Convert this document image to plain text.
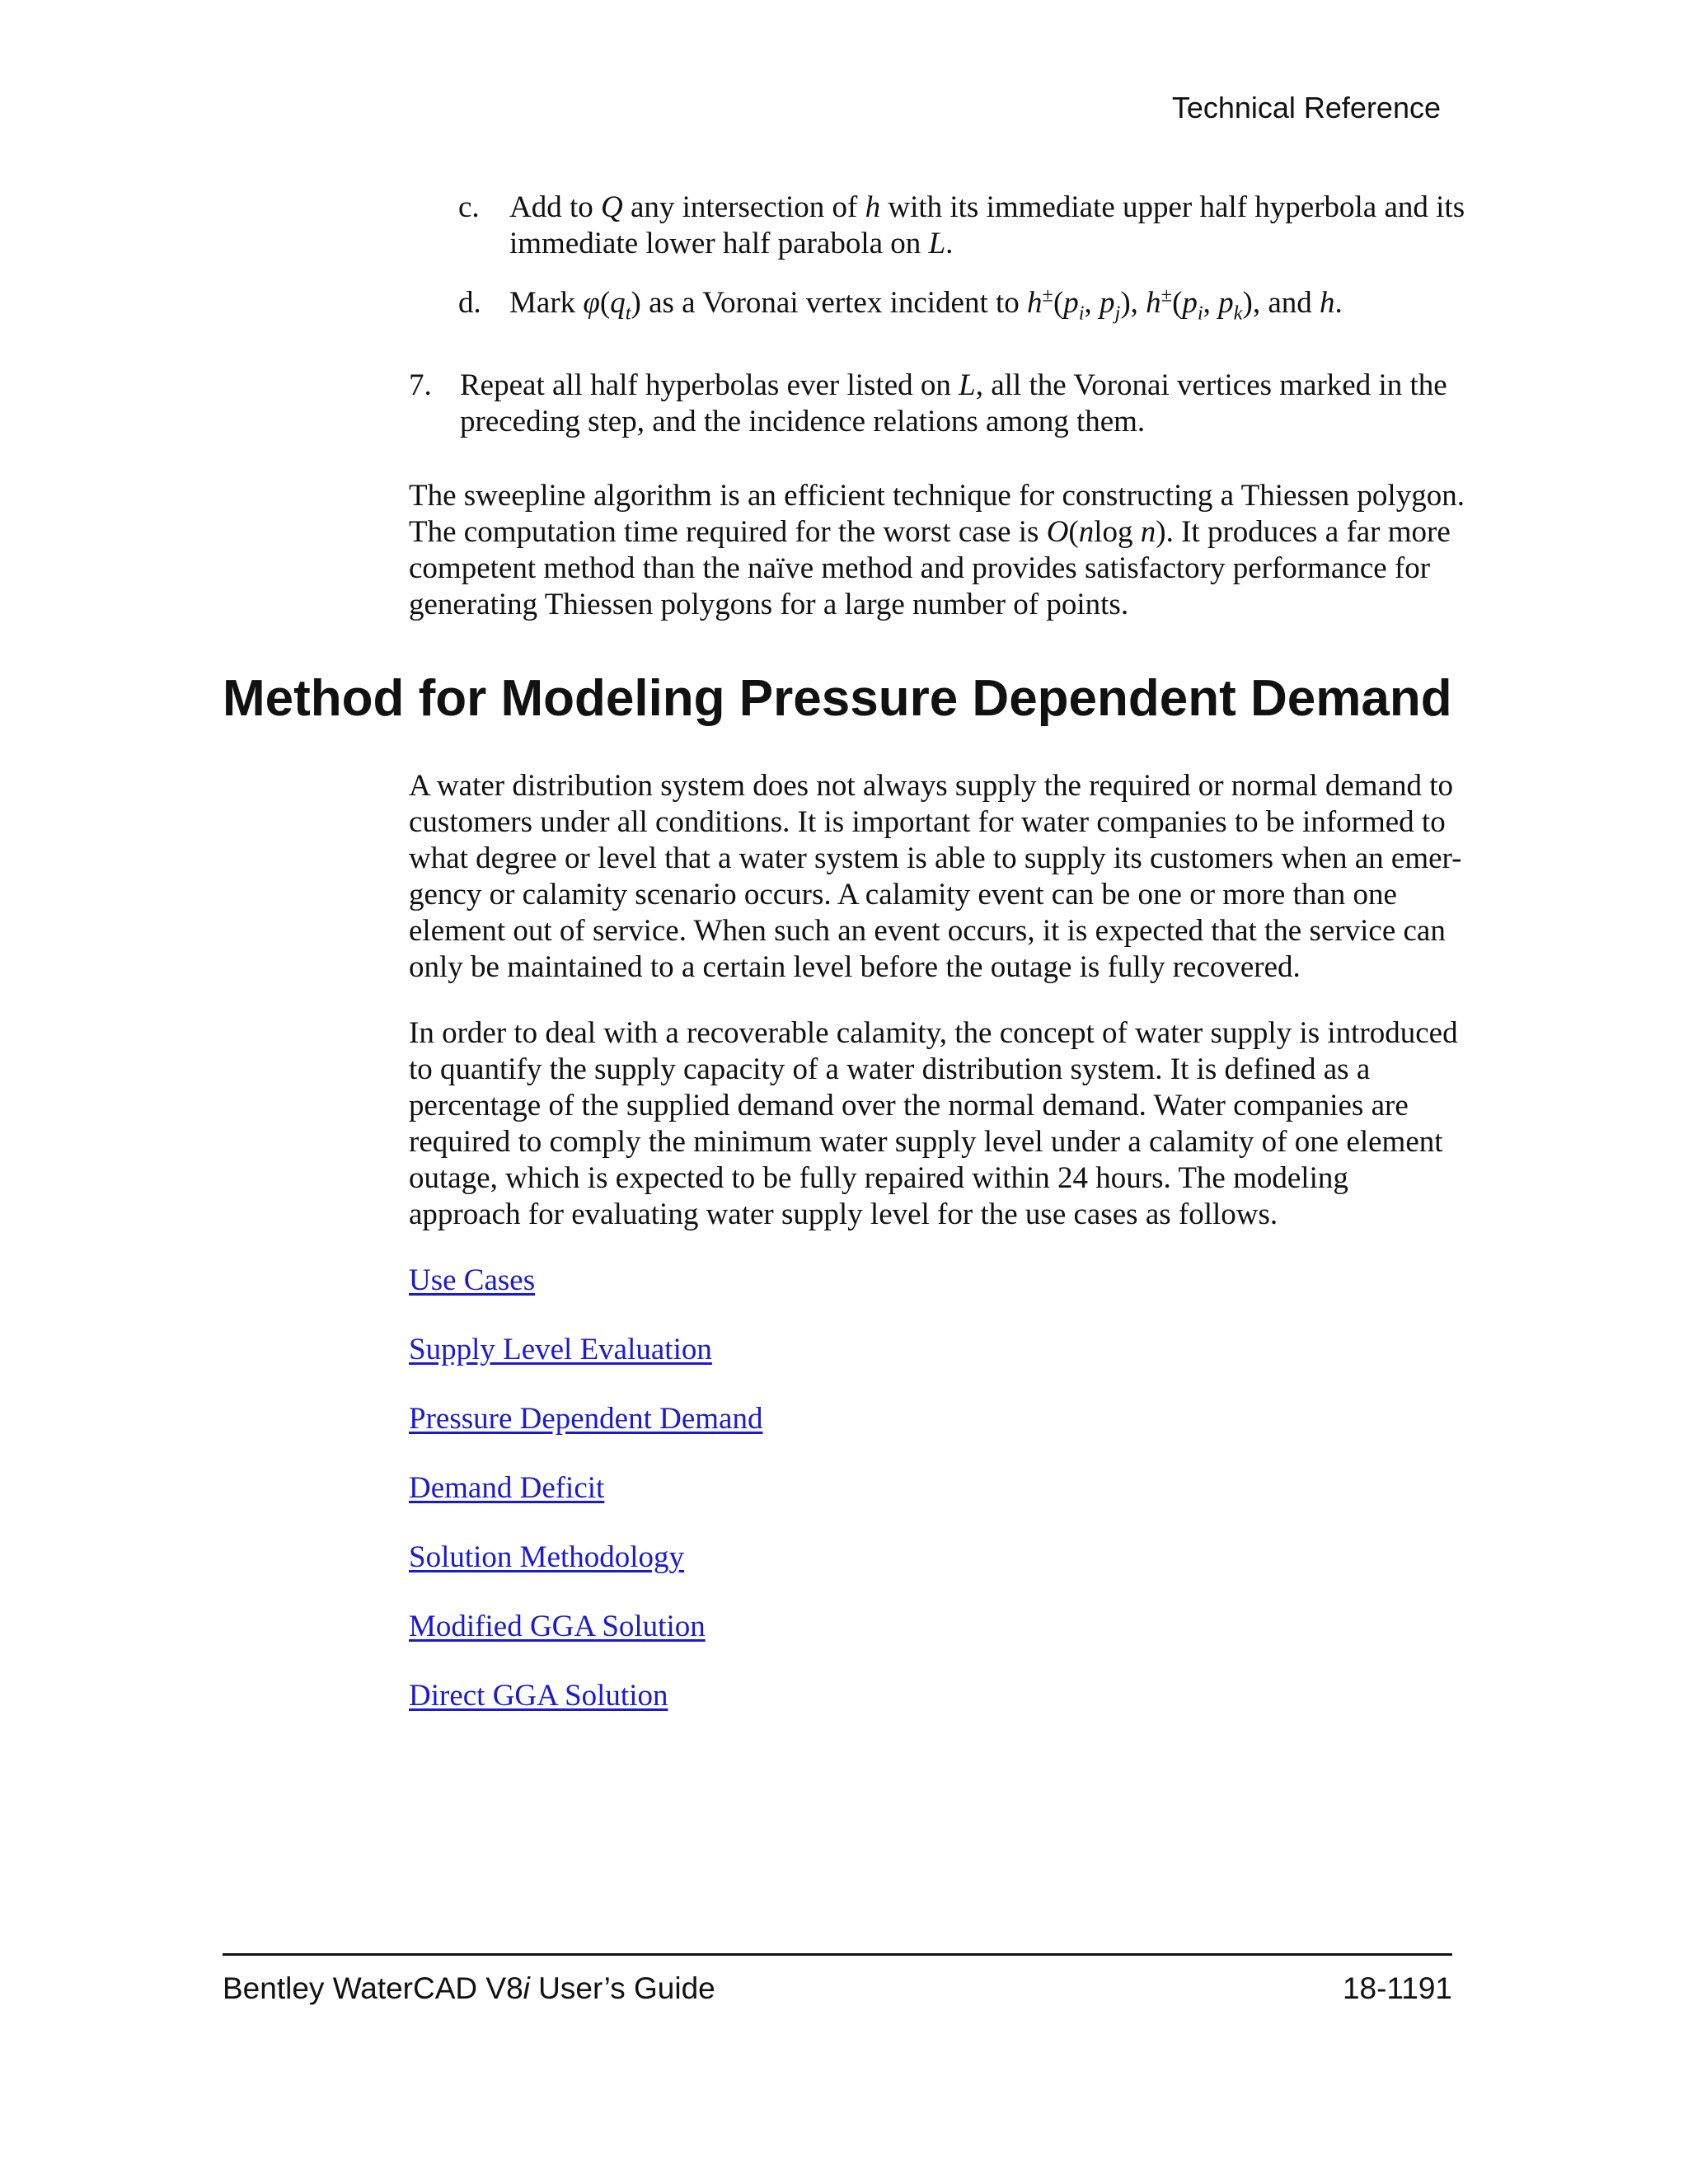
Technical Reference
c. Add to Q any intersection of h with its immediate upper half hyperbola and its
immediate lower half parabola on L.
d. Mark $\varphi(q_t)$ as a Voronai vertex incident to $h^\pm(p_i$, $p_j$), $h^\pm(p_i$, $p_k$), and h.
7. Repeat all half hyperbolas ever listed on L, all the Voronai vertices marked in the
preceding step, and the incidence relations among them.
The sweepline algorithm is an efficient technique for constructing a Thiessen polygon.
The computation time required for the worst case is O(nlog n). It produces a far more
competent method than the naïve method and provides satisfactory performance for
generating Thiessen polygons for a large number of points.
Method for Modeling Pressure Dependent Demand
A water distribution system does not always supply the required or normal demand to
customers under all conditions. It is important for water companies to be informed to
what degree or level that a water system is able to supply its customers when an emer-
gency or calamity scenario occurs. A calamity event can be one or more than one
element out of service. When such an event occurs, it is expected that the service can
only be maintained to a certain level before the outage is fully recovered.
In order to deal with a recoverable calamity, the concept of water supply is introduced
to quantify the supply capacity of a water distribution system. It is defined as a
percentage of the supplied demand over the normal demand. Water companies are
required to comply the minimum water supply level under a calamity of one element
outage, which is expected to be fully repaired within 24 hours. The modeling
approach for evaluating water supply level for the use cases as follows.
Use Cases
Supply Level Evaluation
Pressure Dependent Demand
Demand Deficit
Solution Methodology
Modified GGA Solution
Direct GGA Solution
Bentley WaterCAD V8i User’s Guide	18-1191
